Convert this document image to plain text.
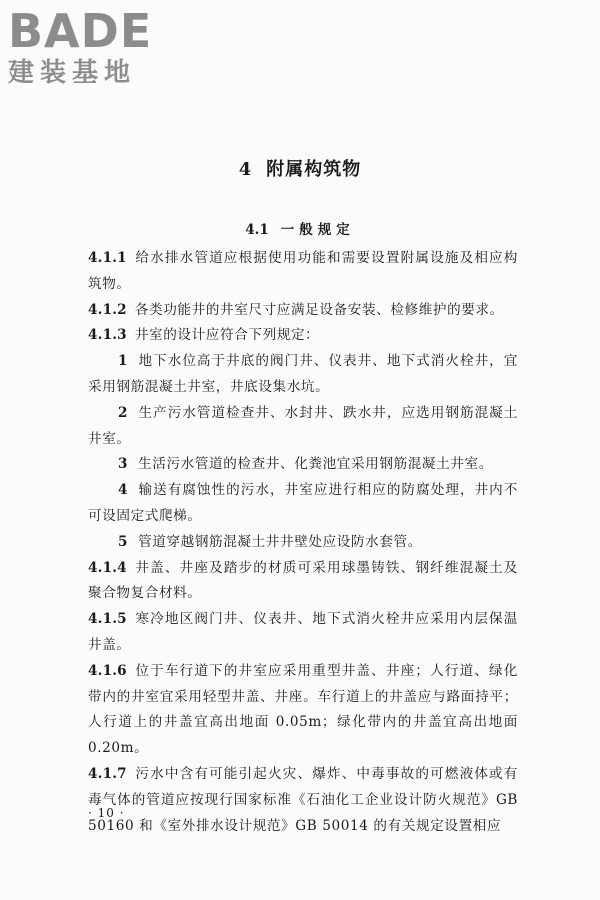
BADE
建装基地
4 附属构筑物
4.1 一般规定

4.1.1 给水排水管道应根据使用功能和需要设置附属设施及相应构筑物。

4.1.2 各类功能井的井室尺寸应满足设备安装、检修维护的要求。

4.1.3 井室的设计应符合下列规定：

1 地下水位高于井底的阀门井、仪表井、地下式消火栓井，宜采用钢筋混凝土井室，井底设集水坑。

2 生产污水管道检查井、水封井、跌水井，应选用钢筋混凝土井室。

3 生活污水管道的检查井、化粪池宜采用钢筋混凝土井室。

4 输送有腐蚀性的污水，井室应进行相应的防腐处理，井内不可设固定式爬梯。

5 管道穿越钢筋混凝土井井壁处应设防水套管。

4.1.4 井盖、井座及踏步的材质可采用球墨铸铁、钢纤维混凝土及聚合物复合材料。

4.1.5 寒冷地区阀门井、仪表井、地下式消火栓井应采用内层保温井盖。

4.1.6 位于车行道下的井室应采用重型井盖、井座；人行道、绿化带内的井室宜采用轻型井盖、井座。车行道上的井盖应与路面持平；人行道上的井盖宜高出地面 0.05m；绿化带内的井盖宜高出地面 0.20m。

4.1.7 污水中含有可能引起火灾、爆炸、中毒事故的可燃液体或有毒气体的管道应按现行国家标准《石油化工企业设计防火规范》GB 50160 和《室外排水设计规范》GB 50014 的有关规定设置相应

· 10 ·
